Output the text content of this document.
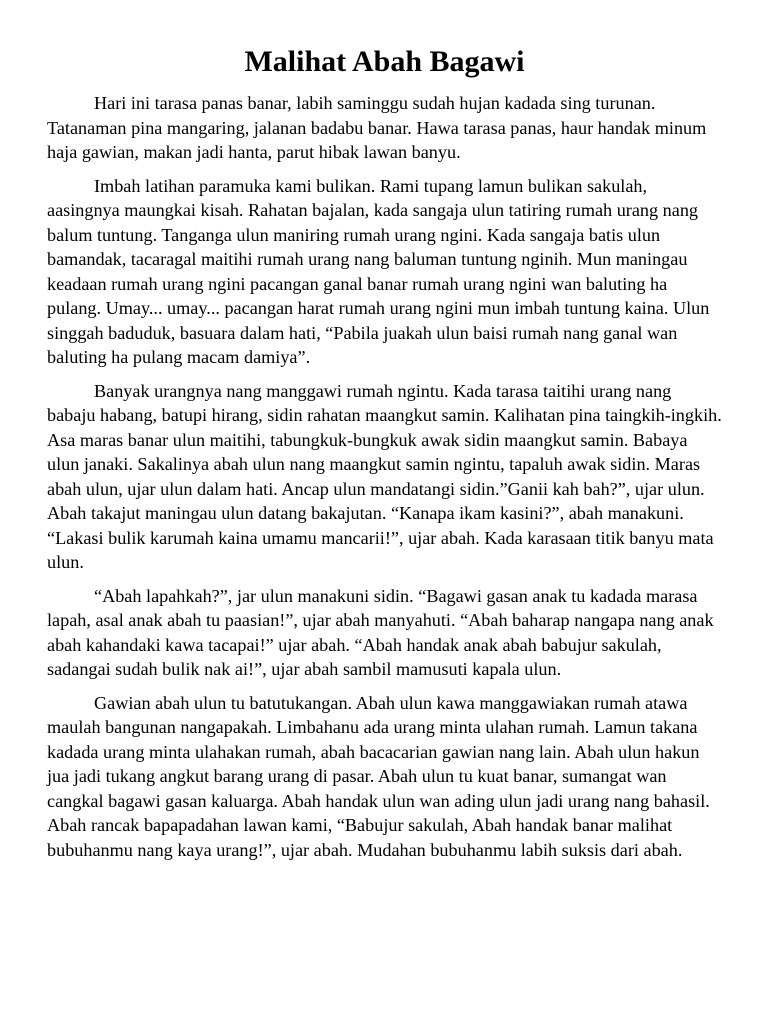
Malihat Abah Bagawi

Hari ini tarasa panas banar, labih saminggu sudah hujan kadada sing turunan. Tatanaman pina mangaring, jalanan badabu banar. Hawa tarasa panas, haur handak minum haja gawian, makan jadi hanta, parut hibak lawan banyu.

Imbah latihan paramuka kami bulikan. Rami tupang lamun bulikan sakulah, aasingnya maungkai kisah. Rahatan bajalan, kada sangaja ulun tatiring rumah urang nang balum tuntung. Tanganga ulun maniring rumah urang ngini. Kada sangaja batis ulun bamandak, tacaragal maitihi rumah urang nang baluman tuntung nginih. Mun maningau keadaan rumah urang ngini pacangan ganal banar rumah urang ngini wan baluting ha pulang. Umay... umay... pacangan harat rumah urang ngini mun imbah tuntung kaina. Ulun singgah baduduk, basuara dalam hati, “Pabila juakah ulun baisi rumah nang ganal wan baluting ha pulang macam damiya”.

Banyak urangnya nang manggawi rumah ngintu. Kada tarasa taitihi urang nang babaju habang, batupi hirang, sidin rahatan maangkut samin. Kalihatan pina taingkih-ingkih. Asa maras banar ulun maitihi, tabungkuk-bungkuk awak sidin maangkut samin. Babaya ulun janaki. Sakalinya abah ulun nang maangkut samin ngintu, tapaluh awak sidin. Maras abah ulun, ujar ulun dalam hati. Ancap ulun mandatangi sidin.”Ganii kah bah?”, ujar ulun. Abah takajut maningau ulun datang bakajutan. “Kanapa ikam kasini?”, abah manakuni. “Lakasi bulik karumah kaina umamu mancarii!”, ujar abah. Kada karasaan titik banyu mata ulun.

“Abah lapahkah?”, jar ulun manakuni sidin. “Bagawi gasan anak tu kadada marasa lapah, asal anak abah tu paasian!”, ujar abah manyahuti. “Abah baharap nangapa nang anak abah kahandaki kawa tacapai!” ujar abah. “Abah handak anak abah babujur sakulah, sadangai sudah bulik nak ai!”, ujar abah sambil mamusuti kapala ulun.

Gawian abah ulun tu batutukangan. Abah ulun kawa manggawiakan rumah atawa maulah bangunan nangapakah. Limbahanu ada urang minta ulahan rumah. Lamun takana kadada urang minta ulahakan rumah, abah bacacarian gawian nang lain. Abah ulun hakun jua jadi tukang angkut barang urang di pasar. Abah ulun tu kuat banar, sumangat wan cangkal bagawi gasan kaluarga. Abah handak ulun wan ading ulun jadi urang nang bahasil. Abah rancak bapapadahan lawan kami, “Babujur sakulah, Abah handak banar malihat bubuhanmu nang kaya urang!”, ujar abah. Mudahan bubuhanmu labih suksis dari abah.
